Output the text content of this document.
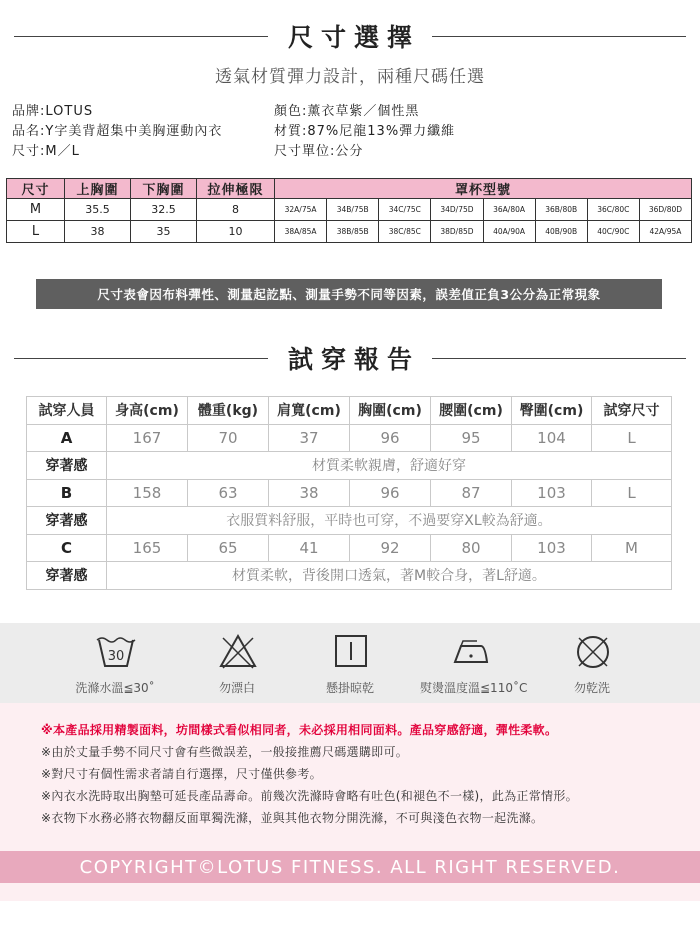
尺寸選擇
透氣材質彈力設計，兩種尺碼任選
品牌:LOTUS
品名:Y字美背超集中美胸運動內衣
尺寸:M／L
顏色:薰衣草紫／個性黑
材質:87%尼龍13%彈力纖維
尺寸單位:公分
尺寸	上胸圍	下胸圍	拉伸極限	罩杯型號							
M	35.5	32.5	8	32A/75A	34B/75B	34C/75C	34D/75D	36A/80A	36B/80B	36C/80C	36D/80D
L	38	35	10	38A/85A	38B/85B	38C/85C	38D/85D	40A/90A	40B/90B	40C/90C	42A/95A
尺寸表會因布料彈性、測量起訖點、測量手勢不同等因素，誤差值正負3公分為正常現象
試穿報告
試穿人員	身高(cm)	體重(kg)	肩寬(cm)	胸圍(cm)	腰圍(cm)	臀圍(cm)	試穿尺寸
A	167	70	37	96	95	104	L
穿著感	材質柔軟親膚，舒適好穿						
B	158	63	38	96	87	103	L
穿著感	衣服質料舒服，平時也可穿，不過要穿XL較為舒適。						
C	165	65	41	92	80	103	M
穿著感	材質柔軟，背後開口透氣，著M較合身，著L舒適。						
30
洗滌水溫≦30˚	勿漂白	懸掛晾乾	熨燙溫度溫≦110˚C	勿乾洗
※本產品採用精製面料，坊間樣式看似相同者，未必採用相同面料。產品穿感舒適，彈性柔軟。
※由於丈量手勢不同尺寸會有些微誤差，一般接推薦尺碼選購即可。
※對尺寸有個性需求者請自行選擇，尺寸僅供參考。
※內衣水洗時取出胸墊可延長產品壽命。前幾次洗滌時會略有吐色(和褪色不一樣)，此為正常情形。
※衣物下水務必將衣物翻反面單獨洗滌，並與其他衣物分開洗滌，不可與淺色衣物一起洗滌。
COPYRIGHT©LOTUS FITNESS. ALL RIGHT RESERVED.
